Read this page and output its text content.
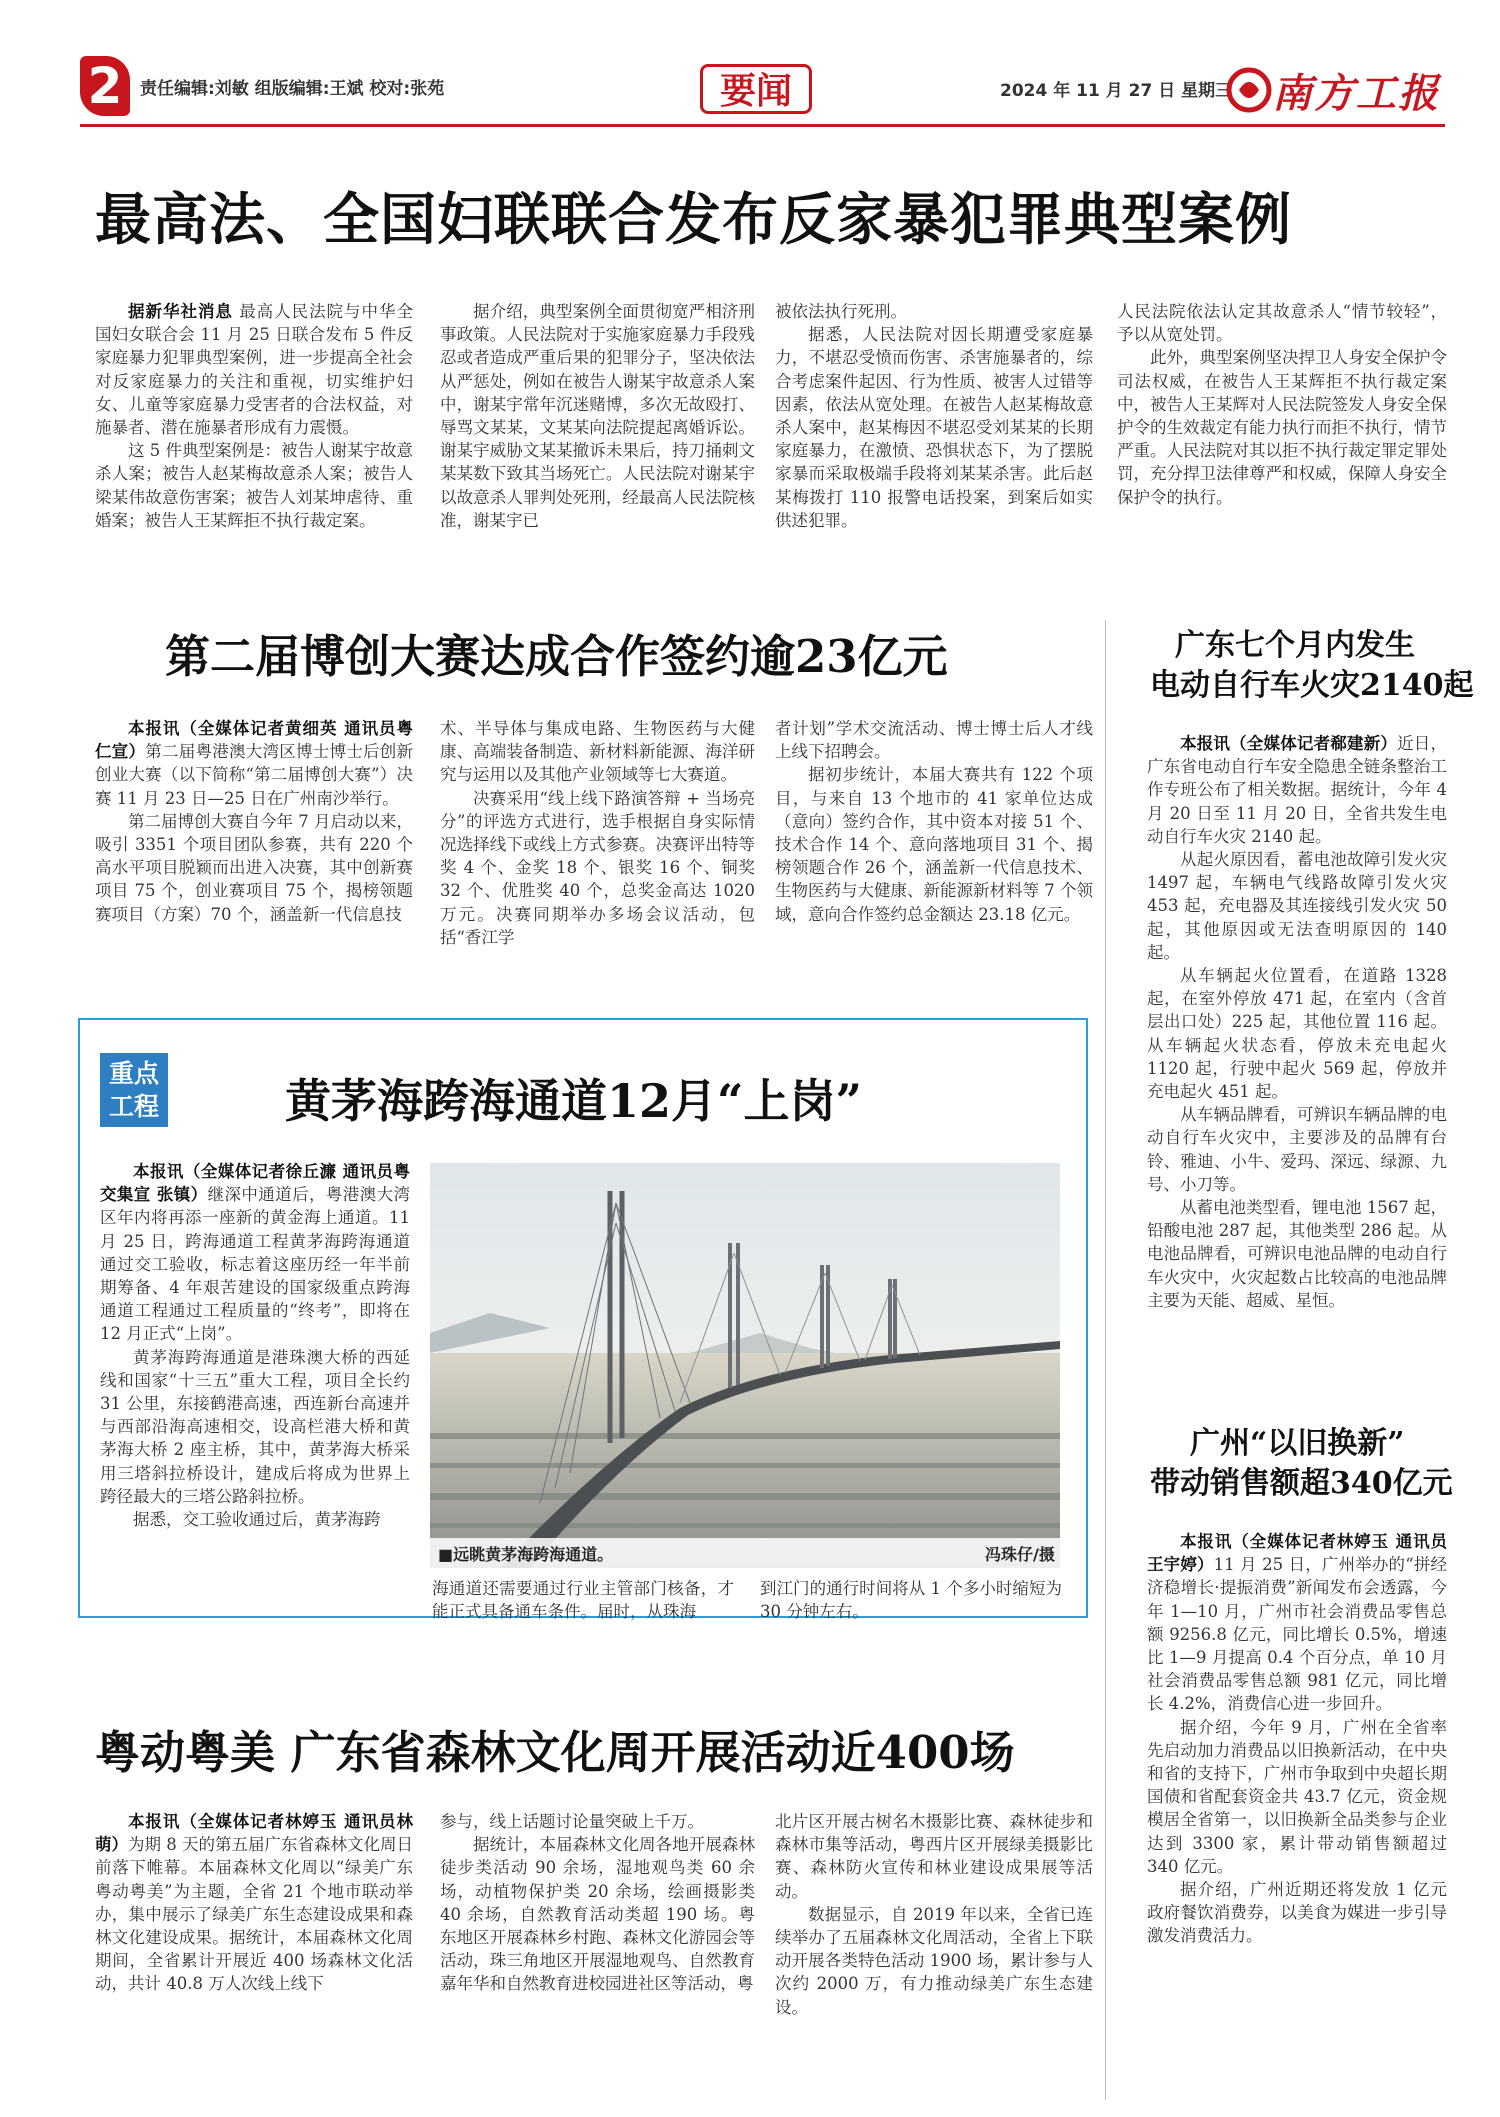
2	责任编辑:刘敏 组版编辑:王斌 校对:张苑	要闻	2024 年 11 月 27 日 星期三 南方工报
最高法、全国妇联联合发布反家暴犯罪典型案例

据新华社消息 最高人民法院与中华全国妇女联合会 11 月 25 日联合发布 5 件反家庭暴力犯罪典型案例，进一步提高全社会对反家庭暴力的关注和重视，切实维护妇女、儿童等家庭暴力受害者的合法权益，对施暴者、潜在施暴者形成有力震慑。

这 5 件典型案例是：被告人谢某宇故意杀人案；被告人赵某梅故意杀人案；被告人梁某伟故意伤害案；被告人刘某坤虐待、重婚案；被告人王某辉拒不执行裁定案。

据介绍，典型案例全面贯彻宽严相济刑事政策。人民法院对于实施家庭暴力手段残忍或者造成严重后果的犯罪分子，坚决依法从严惩处，例如在被告人谢某宇故意杀人案中，谢某宇常年沉迷赌博，多次无故殴打、辱骂文某某，文某某向法院提起离婚诉讼。谢某宇威胁文某某撤诉未果后，持刀捅刺文某某数下致其当场死亡。人民法院对谢某宇以故意杀人罪判处死刑，经最高人民法院核准，谢某宇已

被依法执行死刑。

据悉，人民法院对因长期遭受家庭暴力，不堪忍受愤而伤害、杀害施暴者的，综合考虑案件起因、行为性质、被害人过错等因素，依法从宽处理。在被告人赵某梅故意杀人案中，赵某梅因不堪忍受刘某某的长期家庭暴力，在激愤、恐惧状态下，为了摆脱家暴而采取极端手段将刘某某杀害。此后赵某梅拨打 110 报警电话投案，到案后如实供述犯罪。

人民法院依法认定其故意杀人“情节较轻”，予以从宽处罚。

此外，典型案例坚决捍卫人身安全保护令司法权威，在被告人王某辉拒不执行裁定案中，被告人王某辉对人民法院签发人身安全保护令的生效裁定有能力执行而拒不执行，情节严重。人民法院对其以拒不执行裁定罪定罪处罚，充分捍卫法律尊严和权威，保障人身安全保护令的执行。

第二届博创大赛达成合作签约逾23亿元

本报讯（全媒体记者黄细英 通讯员粤仁宣）第二届粤港澳大湾区博士博士后创新创业大赛（以下简称“第二届博创大赛”）决赛 11 月 23 日—25 日在广州南沙举行。

第二届博创大赛自今年 7 月启动以来，吸引 3351 个项目团队参赛，共有 220 个高水平项目脱颖而出进入决赛，其中创新赛项目 75 个，创业赛项目 75 个，揭榜领题赛项目（方案）70 个，涵盖新一代信息技

术、半导体与集成电路、生物医药与大健康、高端装备制造、新材料新能源、海洋研究与运用以及其他产业领域等七大赛道。

决赛采用“线上线下路演答辩 + 当场亮分”的评选方式进行，选手根据自身实际情况选择线下或线上方式参赛。决赛评出特等奖 4 个、金奖 18 个、银奖 16 个、铜奖 32 个、优胜奖 40 个，总奖金高达 1020 万元。决赛同期举办多场会议活动，包括“香江学

者计划”学术交流活动、博士博士后人才线上线下招聘会。

据初步统计，本届大赛共有 122 个项目，与来自 13 个地市的 41 家单位达成（意向）签约合作，其中资本对接 51 个、技术合作 14 个、意向落地项目 31 个、揭榜领题合作 26 个，涵盖新一代信息技术、生物医药与大健康、新能源新材料等 7 个领域，意向合作签约总金额达 23.18 亿元。

广东七个月内发生
电动自行车火灾2140起

本报讯（全媒体记者郗建新）近日，广东省电动自行车安全隐患全链条整治工作专班公布了相关数据。据统计，今年 4 月 20 日至 11 月 20 日，全省共发生电动自行车火灾 2140 起。

从起火原因看，蓄电池故障引发火灾 1497 起，车辆电气线路故障引发火灾 453 起，充电器及其连接线引发火灾 50 起，其他原因或无法查明原因的 140 起。

从车辆起火位置看，在道路 1328 起，在室外停放 471 起，在室内（含首层出口处）225 起，其他位置 116 起。从车辆起火状态看，停放未充电起火 1120 起，行驶中起火 569 起，停放并充电起火 451 起。

从车辆品牌看，可辨识车辆品牌的电动自行车火灾中，主要涉及的品牌有台铃、雅迪、小牛、爱玛、深远、绿源、九号、小刀等。

从蓄电池类型看，锂电池 1567 起，铅酸电池 287 起，其他类型 286 起。从电池品牌看，可辨识电池品牌的电动自行车火灾中，火灾起数占比较高的电池品牌主要为天能、超威、星恒。

广州“以旧换新”
带动销售额超340亿元

本报讯（全媒体记者林婷玉 通讯员王宇婷）11 月 25 日，广州举办的“拼经济稳增长·提振消费”新闻发布会透露，今年 1—10 月，广州市社会消费品零售总额 9256.8 亿元，同比增长 0.5%，增速比 1—9 月提高 0.4 个百分点，单 10 月社会消费品零售总额 981 亿元，同比增长 4.2%，消费信心进一步回升。

据介绍，今年 9 月，广州在全省率先启动加力消费品以旧换新活动，在中央和省的支持下，广州市争取到中央超长期国债和省配套资金共 43.7 亿元，资金规模居全省第一，以旧换新全品类参与企业达到 3300 家，累计带动销售额超过 340 亿元。

据介绍，广州近期还将发放 1 亿元政府餐饮消费券，以美食为媒进一步引导激发消费活力。

重点
工程	黄茅海跨海通道12月“上岗”

本报讯（全媒体记者徐丘濂 通讯员粤交集宣 张镇）继深中通道后，粤港澳大湾区年内将再添一座新的黄金海上通道。11 月 25 日，跨海通道工程黄茅海跨海通道通过交工验收，标志着这座历经一年半前期筹备、4 年艰苦建设的国家级重点跨海通道工程通过工程质量的“终考”，即将在 12 月正式“上岗”。

黄茅海跨海通道是港珠澳大桥的西延线和国家“十三五”重大工程，项目全长约 31 公里，东接鹤港高速，西连新台高速并与西部沿海高速相交，设高栏港大桥和黄茅海大桥 2 座主桥，其中，黄茅海大桥采用三塔斜拉桥设计，建成后将成为世界上跨径最大的三塔公路斜拉桥。

据悉，交工验收通过后，黄茅海跨

■远眺黄茅海跨海通道。	冯珠仔/摄

海通道还需要通过行业主管部门核备，才能正式具备通车条件。届时，从珠海

到江门的通行时间将从 1 个多小时缩短为 30 分钟左右。

粤动粤美 广东省森林文化周开展活动近400场

本报讯（全媒体记者林婷玉 通讯员林萌）为期 8 天的第五届广东省森林文化周日前落下帷幕。本届森林文化周以“绿美广东 粤动粤美”为主题，全省 21 个地市联动举办，集中展示了绿美广东生态建设成果和森林文化建设成果。据统计，本届森林文化周期间，全省累计开展近 400 场森林文化活动，共计 40.8 万人次线上线下

参与，线上话题讨论量突破上千万。

据统计，本届森林文化周各地开展森林徒步类活动 90 余场，湿地观鸟类 60 余场，动植物保护类 20 余场，绘画摄影类 40 余场，自然教育活动类超 190 场。粤东地区开展森林乡村跑、森林文化游园会等活动，珠三角地区开展湿地观鸟、自然教育嘉年华和自然教育进校园进社区等活动，粤

北片区开展古树名木摄影比赛、森林徒步和森林市集等活动，粤西片区开展绿美摄影比赛、森林防火宣传和林业建设成果展等活动。

数据显示，自 2019 年以来，全省已连续举办了五届森林文化周活动，全省上下联动开展各类特色活动 1900 场，累计参与人次约 2000 万，有力推动绿美广东生态建设。
